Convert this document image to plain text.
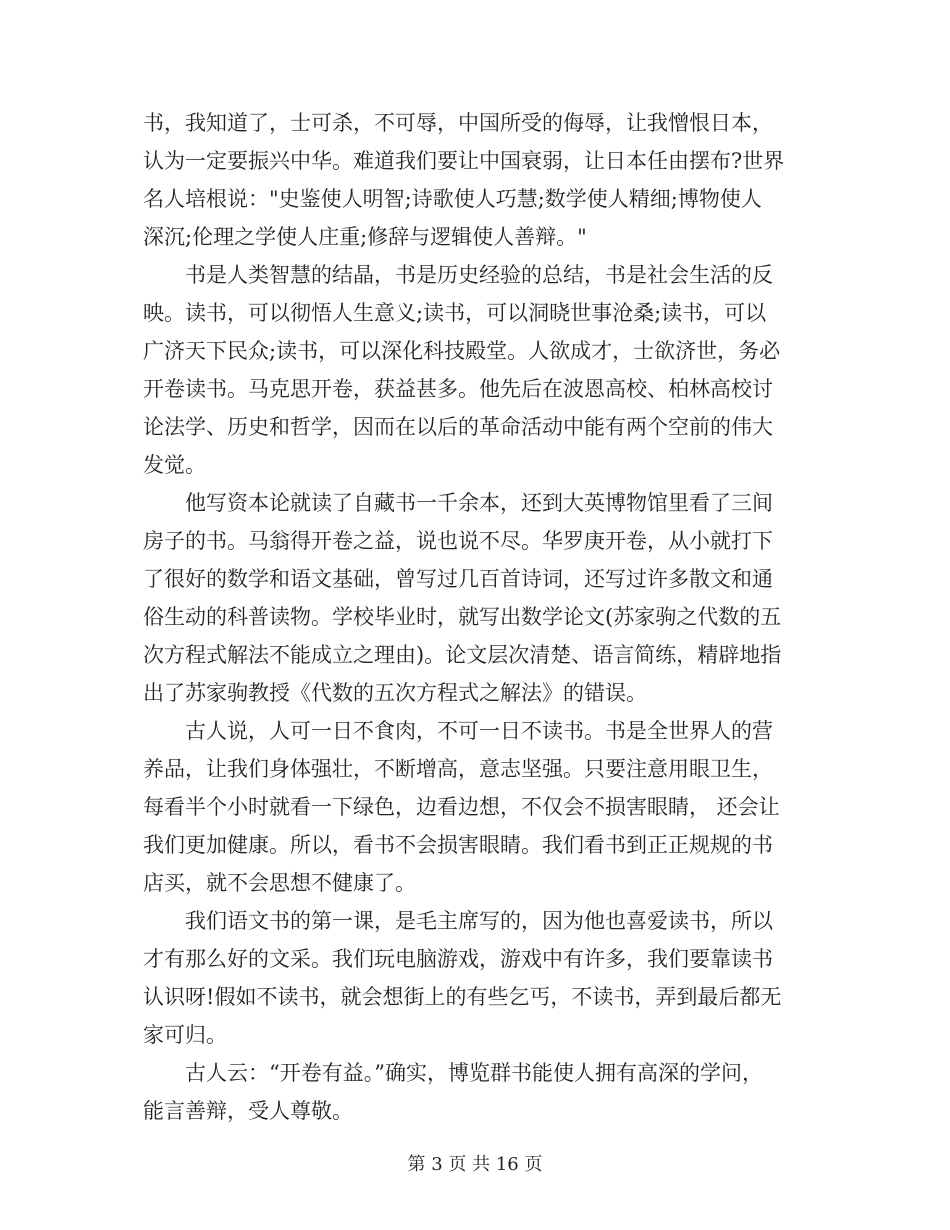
书，我知道了，士可杀，不可辱，中国所受的侮辱，让我憎恨日本，
认为一定要振兴中华。难道我们要让中国衰弱，让日本任由摆布?世界
名人培根说："史鉴使人明智;诗歌使人巧慧;数学使人精细;博物使人
深沉;伦理之学使人庄重;修辞与逻辑使人善辩。"
　　书是人类智慧的结晶，书是历史经验的总结，书是社会生活的反
映。读书，可以彻悟人生意义;读书，可以洞晓世事沧桑;读书，可以
广济天下民众;读书，可以深化科技殿堂。人欲成才，士欲济世，务必
开卷读书。马克思开卷，获益甚多。他先后在波恩高校、柏林高校讨
论法学、历史和哲学，因而在以后的革命活动中能有两个空前的伟大
发觉。
　　他写资本论就读了自藏书一千余本，还到大英博物馆里看了三间
房子的书。马翁得开卷之益，说也说不尽。华罗庚开卷，从小就打下
了很好的数学和语文基础，曾写过几百首诗词，还写过许多散文和通
俗生动的科普读物。学校毕业时，就写出数学论文(苏家驹之代数的五
次方程式解法不能成立之理由)。论文层次清楚、语言简练，精辟地指
出了苏家驹教授《代数的五次方程式之解法》的错误。
　　古人说，人可一日不食肉，不可一日不读书。书是全世界人的营
养品，让我们身体强壮，不断增高，意志坚强。只要注意用眼卫生，
每看半个小时就看一下绿色，边看边想，不仅会不损害眼睛， 还会让
我们更加健康。所以，看书不会损害眼睛。我们看书到正正规规的书
店买，就不会思想不健康了。
　　我们语文书的第一课，是毛主席写的，因为他也喜爱读书，所以
才有那么好的文采。我们玩电脑游戏，游戏中有许多，我们要靠读书
认识呀!假如不读书，就会想街上的有些乞丐，不读书，弄到最后都无
家可归。
　　古人云：“开卷有益。”确实，博览群书能使人拥有高深的学问，
能言善辩，受人尊敬。
第 3 页 共 16 页
